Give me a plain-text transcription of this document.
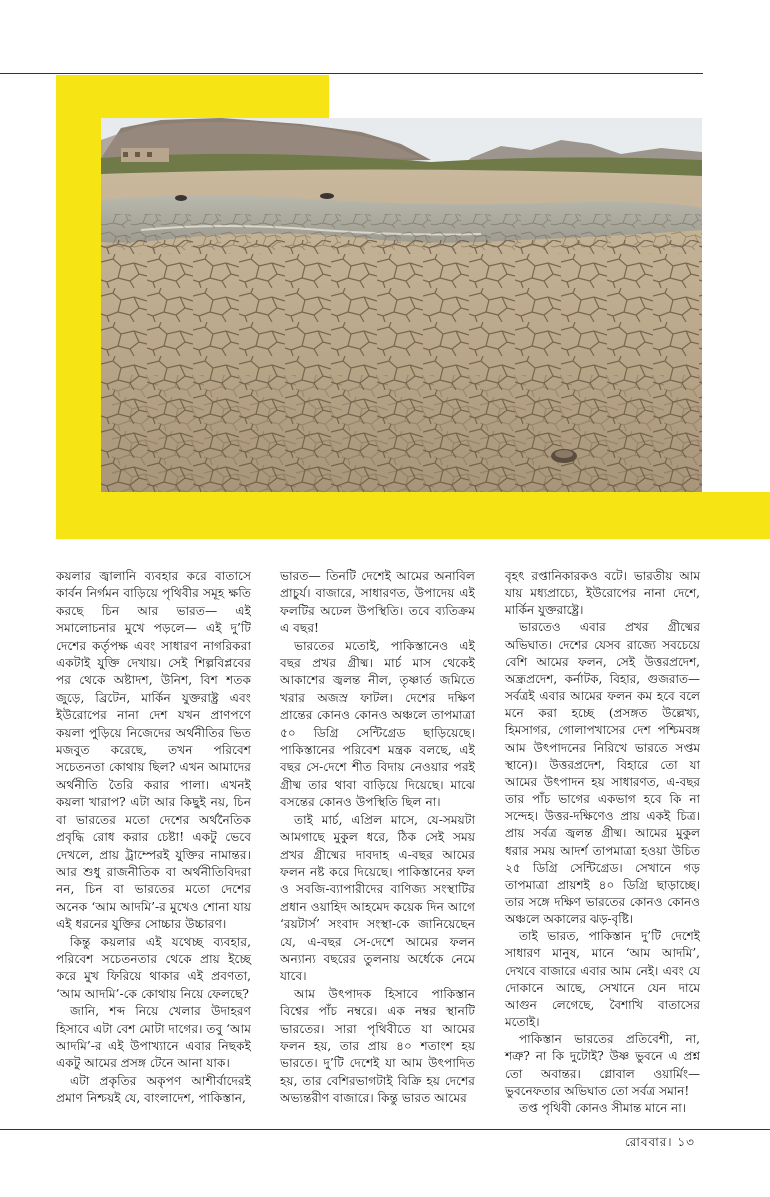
কয়লার জ্বালানি ব্যবহার করে বাতাসে কার্বন নির্গমন বাড়িয়ে পৃথিবীর সমূহ ক্ষতি করছে চিন আর ভারত— এই সমালোচনার মুখে পড়লে— এই দু’টি দেশের কর্তৃপক্ষ এবং সাধারণ নাগরিকরা একটাই যুক্তি দেখায়। সেই শিল্পবিপ্লবের পর থেকে অষ্টাদশ, উনিশ, বিশ শতক জুড়ে, ব্রিটেন, মার্কিন যুক্তরাষ্ট্র এবং ইউরোপের নানা দেশ যখন প্রাণপণে কয়লা পুড়িয়ে নিজেদের অর্থনীতির ভিত মজবুত করেছে, তখন পরিবেশ সচেতনতা কোথায় ছিল? এখন আমাদের অর্থনীতি তৈরি করার পালা। এখনই কয়লা খারাপ? এটা আর কিছুই নয়, চিন বা ভারতের মতো দেশের অর্থনৈতিক প্রবৃদ্ধি রোধ করার চেষ্টা! একটু ভেবে দেখলে, প্রায় ট্রাম্পেরই যুক্তির নামান্তর। আর শুধু রাজনীতিক বা অর্থনীতিবিদরা নন, চিন বা ভারতের মতো দেশের অনেক ‘আম আদমি’-র মুখেও শোনা যায় এই ধরনের যুক্তির সোচ্চার উচ্চারণ।

কিন্তু কয়লার এই যথেচ্ছ ব্যবহার, পরিবেশ সচেতনতার থেকে প্রায় ইচ্ছে করে মুখ ফিরিয়ে থাকার এই প্রবণতা, ‘আম আদমি’-কে কোথায় নিয়ে ফেলছে?

জানি, শব্দ নিয়ে খেলার উদাহরণ হিসাবে এটা বেশ মোটা দাগের। তবু ‘আম আদমি’-র এই উপাখ্যানে এবার নিছকই একটু আমের প্রসঙ্গ টেনে আনা যাক।

এটা প্রকৃতির অকৃপণ আশীর্বাদেরই প্রমাণ নিশ্চয়ই যে, বাংলাদেশ, পাকিস্তান,

ভারত— তিনটি দেশেই আমের অনাবিল প্রাচুর্য। বাজারে, সাধারণত, উপাদেয় এই ফলটির অঢেল উপস্থিতি। তবে ব্যতিক্রম এ বছর!

ভারতের মতোই, পাকিস্তানেও এই বছর প্রখর গ্রীষ্ম। মার্চ মাস থেকেই আকাশের জ্বলন্ত নীল, তৃষ্ণার্ত জমিতে খরার অজস্র ফাটল। দেশের দক্ষিণ প্রান্তের কোনও কোনও অঞ্চলে তাপমাত্রা ৫০ ডিগ্রি সেন্টিগ্রেড ছাড়িয়েছে। পাকিস্তানের পরিবেশ মন্ত্রক বলছে, এই বছর সে-দেশে শীত বিদায় নেওয়ার পরই গ্রীষ্ম তার থাবা বাড়িয়ে দিয়েছে। মাঝে বসন্তের কোনও উপস্থিতি ছিল না।

তাই মার্চ, এপ্রিল মাসে, যে-সময়টা আমগাছে মুকুল ধরে, ঠিক সেই সময় প্রখর গ্রীষ্মের দাবদাহ এ-বছর আমের ফলন নষ্ট করে দিয়েছে। পাকিস্তানের ফল ও সবজি-ব্যাপারীদের বাণিজ্য সংস্থাটির প্রধান ওয়াহিদ আহমেদ কয়েক দিন আগে ‘রয়টার্স’ সংবাদ সংস্থা-কে জানিয়েছেন যে, এ-বছর সে-দেশে আমের ফলন অন্যান্য বছরের তুলনায় অর্ধেকে নেমে যাবে।

আম উৎপাদক হিসাবে পাকিস্তান বিশ্বের পাঁচ নম্বরে। এক নম্বর স্থানটি ভারতের। সারা পৃথিবীতে যা আমের ফলন হয়, তার প্রায় ৪০ শতাংশ হয় ভারতে। দু’টি দেশেই যা আম উৎপাদিত হয়, তার বেশিরভাগটাই বিক্রি হয় দেশের অভ্যন্তরীণ বাজারে। কিন্তু ভারত আমের

বৃহৎ রপ্তানিকারকও বটে। ভারতীয় আম যায় মধ্যপ্রাচ্যে, ইউরোপের নানা দেশে, মার্কিন যুক্তরাষ্ট্রে।

ভারতেও এবার প্রখর গ্রীষ্মের অভিঘাত। দেশের যেসব রাজ্যে সবচেয়ে বেশি আমের ফলন, সেই উত্তরপ্রদেশ, অন্ধ্রপ্রদেশ, কর্নাটক, বিহার, গুজরাত— সর্বত্রই এবার আমের ফলন কম হবে বলে মনে করা হচ্ছে (প্রসঙ্গত উল্লেখ্য, হিমসাগর, গোলাপখাসের দেশ পশ্চিমবঙ্গ আম উৎপাদনের নিরিখে ভারতে সপ্তম স্থানে)। উত্তরপ্রদেশ, বিহারে তো যা আমের উৎপাদন হয় সাধারণত, এ-বছর তার পাঁচ ভাগের একভাগ হবে কি না সন্দেহ। উত্তর-দক্ষিণেও প্রায় একই চিত্র। প্রায় সর্বত্র জ্বলন্ত গ্রীষ্ম। আমের মুকুল ধরার সময় আদর্শ তাপমাত্রা হওয়া উচিত ২৫ ডিগ্রি সেন্টিগ্রেড। সেখানে গড় তাপমাত্রা প্রায়শই ৪০ ডিগ্রি ছাড়াচ্ছে। তার সঙ্গে দক্ষিণ ভারতের কোনও কোনও অঞ্চলে অকালের ঝড়-বৃষ্টি।

তাই ভারত, পাকিস্তান দু’টি দেশেই সাধারণ মানুষ, মানে ‘আম আদমি’, দেখবে বাজারে এবার আম নেই। এবং যে দোকানে আছে, সেখানে যেন দামে আগুন লেগেছে, বৈশাখি বাতাসের মতোই।

পাকিস্তান ভারতের প্রতিবেশী, না, শত্রু? না কি দুটোই? উষ্ণ ভুবনে এ প্রশ্ন তো অবান্তর। গ্লোবাল ওয়ার্মিং— ভুবনেফতার অভিঘাত তো সর্বত্র সমান!

তপ্ত পৃথিবী কোনও সীমান্ত মানে না।

রোববার। ১৩
